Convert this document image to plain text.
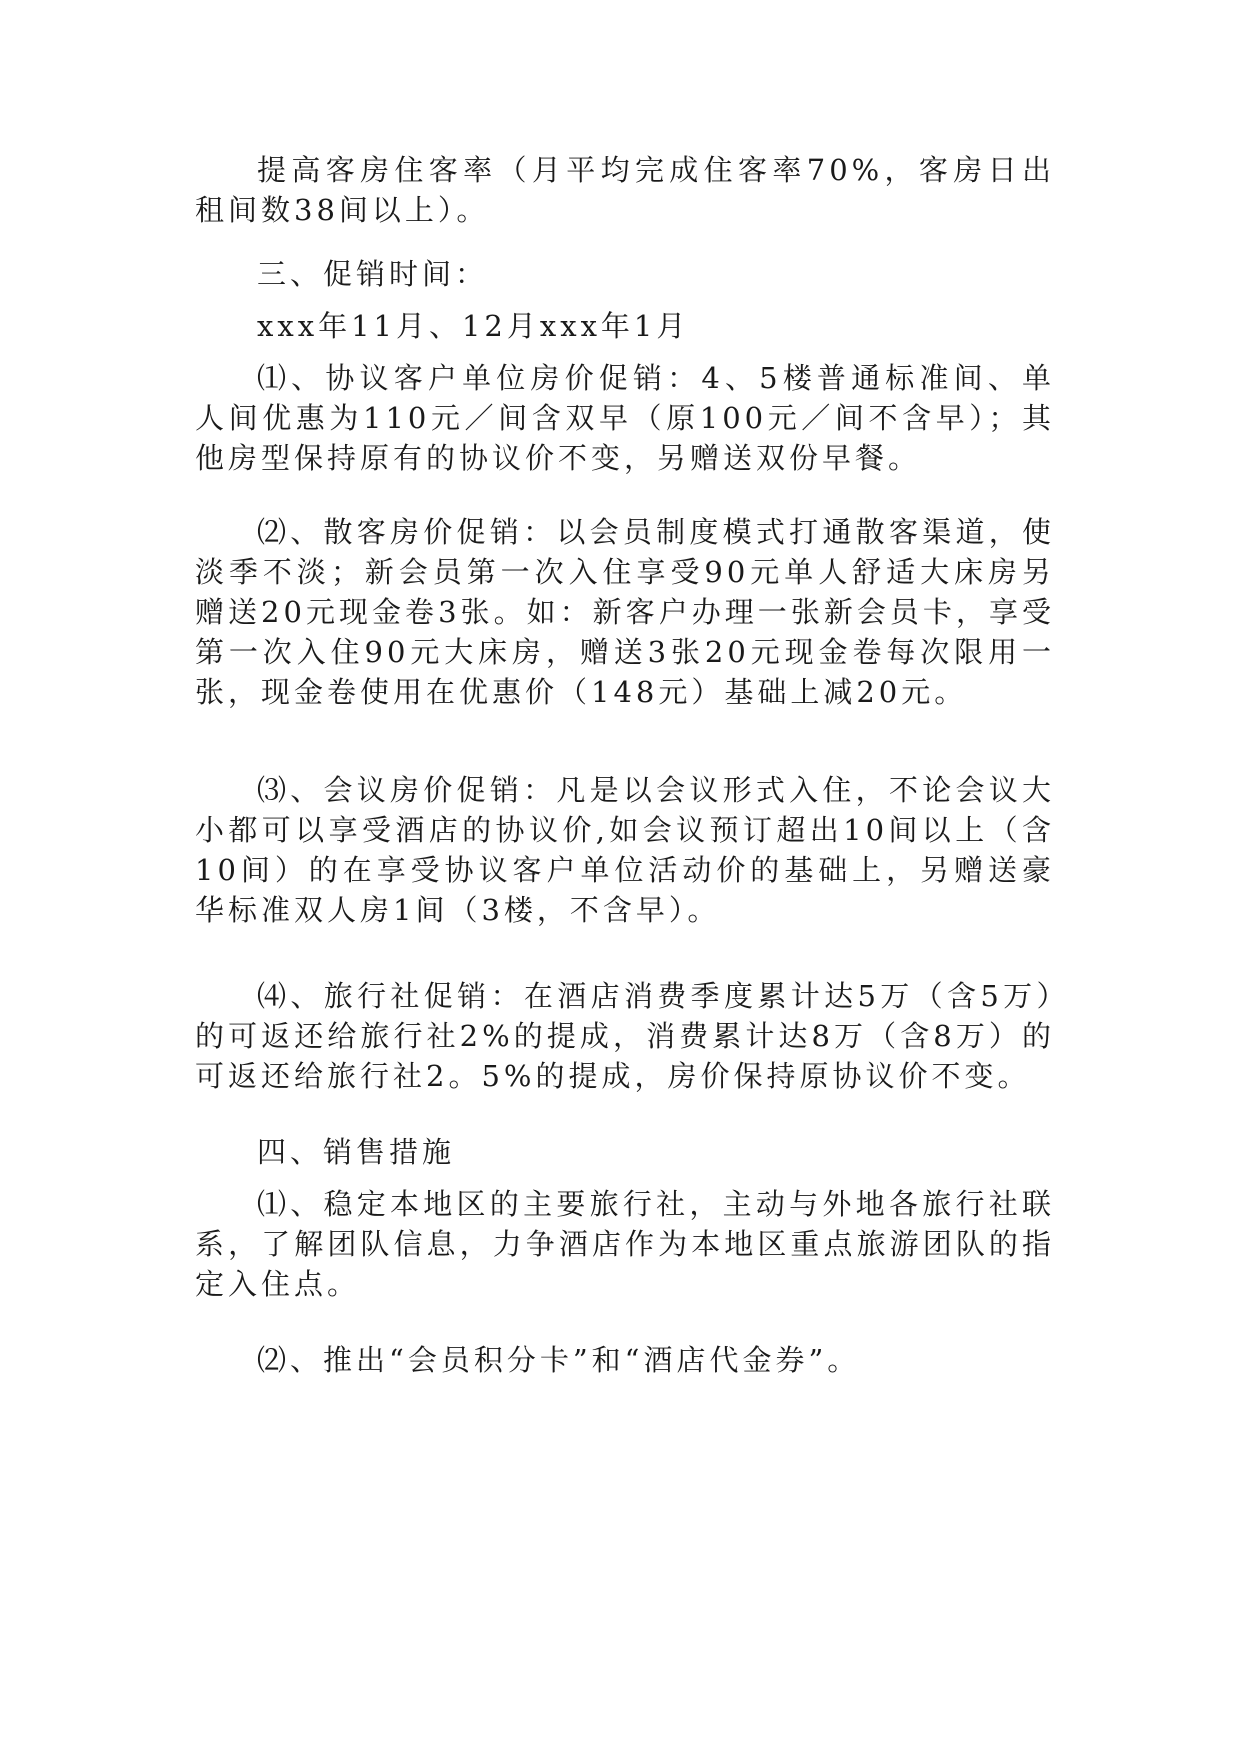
提高客房住客率（月平均完成住客率70%，客房日出租间数38间以上）。
三、促销时间：
xxx年11月、12月xxx年1月
⑴、协议客户单位房价促销：4、5楼普通标准间、单人间优惠为110元／间含双早（原100元／间不含早）；其他房型保持原有的协议价不变，另赠送双份早餐。
⑵、散客房价促销：以会员制度模式打通散客渠道，使淡季不淡；新会员第一次入住享受90元单人舒适大床房另赠送20元现金卷3张。如：新客户办理一张新会员卡，享受第一次入住90元大床房，赠送3张20元现金卷每次限用一张，现金卷使用在优惠价（148元）基础上减20元。
⑶、会议房价促销：凡是以会议形式入住，不论会议大小都可以享受酒店的协议价,如会议预订超出10间以上（含10间）的在享受协议客户单位活动价的基础上，另赠送豪华标准双人房1间（3楼，不含早）。
⑷、旅行社促销：在酒店消费季度累计达5万（含5万）的可返还给旅行社2%的提成，消费累计达8万（含8万）的可返还给旅行社2。5%的提成，房价保持原协议价不变。
四、销售措施
⑴、稳定本地区的主要旅行社，主动与外地各旅行社联系，了解团队信息，力争酒店作为本地区重点旅游团队的指定入住点。
⑵、推出“会员积分卡”和“酒店代金券”。
